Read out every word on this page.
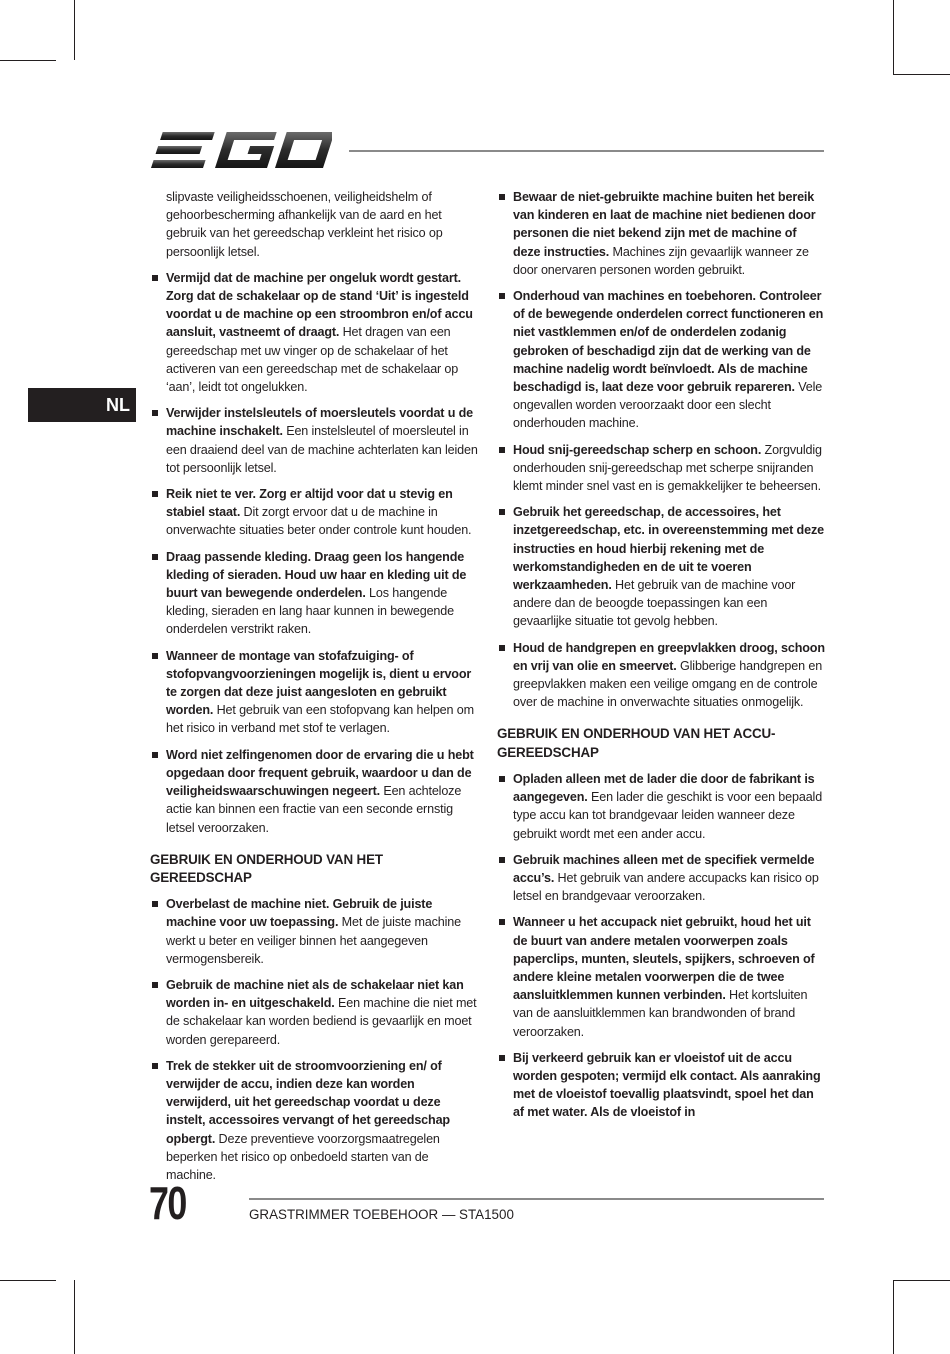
EGO
NL
slipvaste veiligheidsschoenen, veiligheidshelm of gehoorbescherming afhankelijk van de aard en het gebruik van het gereedschap verkleint het risico op persoonlijk letsel.
Vermijd dat de machine per ongeluk wordt gestart. Zorg dat de schakelaar op de stand ‘Uit’ is ingesteld voordat u de machine op een stroombron en/of accu aansluit, vastneemt of draagt. Het dragen van een gereedschap met uw vinger op de schakelaar of het activeren van een gereedschap met de schakelaar op ‘aan’, leidt tot ongelukken.
Verwijder instelsleutels of moersleutels voordat u de machine inschakelt. Een instelsleutel of moersleutel in een draaiend deel van de machine achterlaten kan leiden tot persoonlijk letsel.
Reik niet te ver. Zorg er altijd voor dat u stevig en stabiel staat. Dit zorgt ervoor dat u de machine in onverwachte situaties beter onder controle kunt houden.
Draag passende kleding. Draag geen los hangende kleding of sieraden. Houd uw haar en kleding uit de buurt van bewegende onderdelen. Los hangende kleding, sieraden en lang haar kunnen in bewegende onderdelen verstrikt raken.
Wanneer de montage van stofafzuiging- of stofopvangvoorzieningen mogelijk is, dient u ervoor te zorgen dat deze juist aangesloten en gebruikt worden. Het gebruik van een stofopvang kan helpen om het risico in verband met stof te verlagen.
Word niet zelfingenomen door de ervaring die u hebt opgedaan door frequent gebruik, waardoor u dan de veiligheidswaarschuwingen negeert. Een achteloze actie kan binnen een fractie van een seconde ernstig letsel veroorzaken.
GEBRUIK EN ONDERHOUD VAN HET GEREEDSCHAP
Overbelast de machine niet. Gebruik de juiste machine voor uw toepassing. Met de juiste machine werkt u beter en veiliger binnen het aangegeven vermogensbereik.
Gebruik de machine niet als de schakelaar niet kan worden in- en uitgeschakeld. Een machine die niet met de schakelaar kan worden bediend is gevaarlijk en moet worden gerepareerd.
Trek de stekker uit de stroomvoorziening en/ of verwijder de accu, indien deze kan worden verwijderd, uit het gereedschap voordat u deze instelt, accessoires vervangt of het gereedschap opbergt. Deze preventieve voorzorgsmaatregelen beperken het risico op onbedoeld starten van de machine.
Bewaar de niet-gebruikte machine buiten het bereik van kinderen en laat de machine niet bedienen door personen die niet bekend zijn met de machine of deze instructies. Machines zijn gevaarlijk wanneer ze door onervaren personen worden gebruikt.
Onderhoud van machines en toebehoren. Controleer of de bewegende onderdelen correct functioneren en niet vastklemmen en/of de onderdelen zodanig gebroken of beschadigd zijn dat de werking van de machine nadelig wordt beïnvloedt. Als de machine beschadigd is, laat deze voor gebruik repareren. Vele ongevallen worden veroorzaakt door een slecht onderhouden machine.
Houd snij-gereedschap scherp en schoon. Zorgvuldig onderhouden snij-gereedschap met scherpe snijranden klemt minder snel vast en is gemakkelijker te beheersen.
Gebruik het gereedschap, de accessoires, het inzetgereedschap, etc. in overeenstemming met deze instructies en houd hierbij rekening met de werkomstandigheden en de uit te voeren werkzaamheden. Het gebruik van de machine voor andere dan de beoogde toepassingen kan een gevaarlijke situatie tot gevolg hebben.
Houd de handgrepen en greepvlakken droog, schoon en vrij van olie en smeervet. Glibberige handgrepen en greepvlakken maken een veilige omgang en de controle over de machine in onverwachte situaties onmogelijk.
GEBRUIK EN ONDERHOUD VAN HET ACCU-GEREEDSCHAP
Opladen alleen met de lader die door de fabrikant is aangegeven. Een lader die geschikt is voor een bepaald type accu kan tot brandgevaar leiden wanneer deze gebruikt wordt met een ander accu.
Gebruik machines alleen met de specifiek vermelde accu’s. Het gebruik van andere accupacks kan risico op letsel en brandgevaar veroorzaken.
Wanneer u het accupack niet gebruikt, houd het uit de buurt van andere metalen voorwerpen zoals paperclips, munten, sleutels, spijkers, schroeven of andere kleine metalen voorwerpen die de twee aansluitklemmen kunnen verbinden. Het kortsluiten van de aansluitklemmen kan brandwonden of brand veroorzaken.
Bij verkeerd gebruik kan er vloeistof uit de accu worden gespoten; vermijd elk contact. Als aanraking met de vloeistof toevallig plaatsvindt, spoel het dan af met water. Als de vloeistof in
70	GRASTRIMMER TOEBEHOOR — STA1500
